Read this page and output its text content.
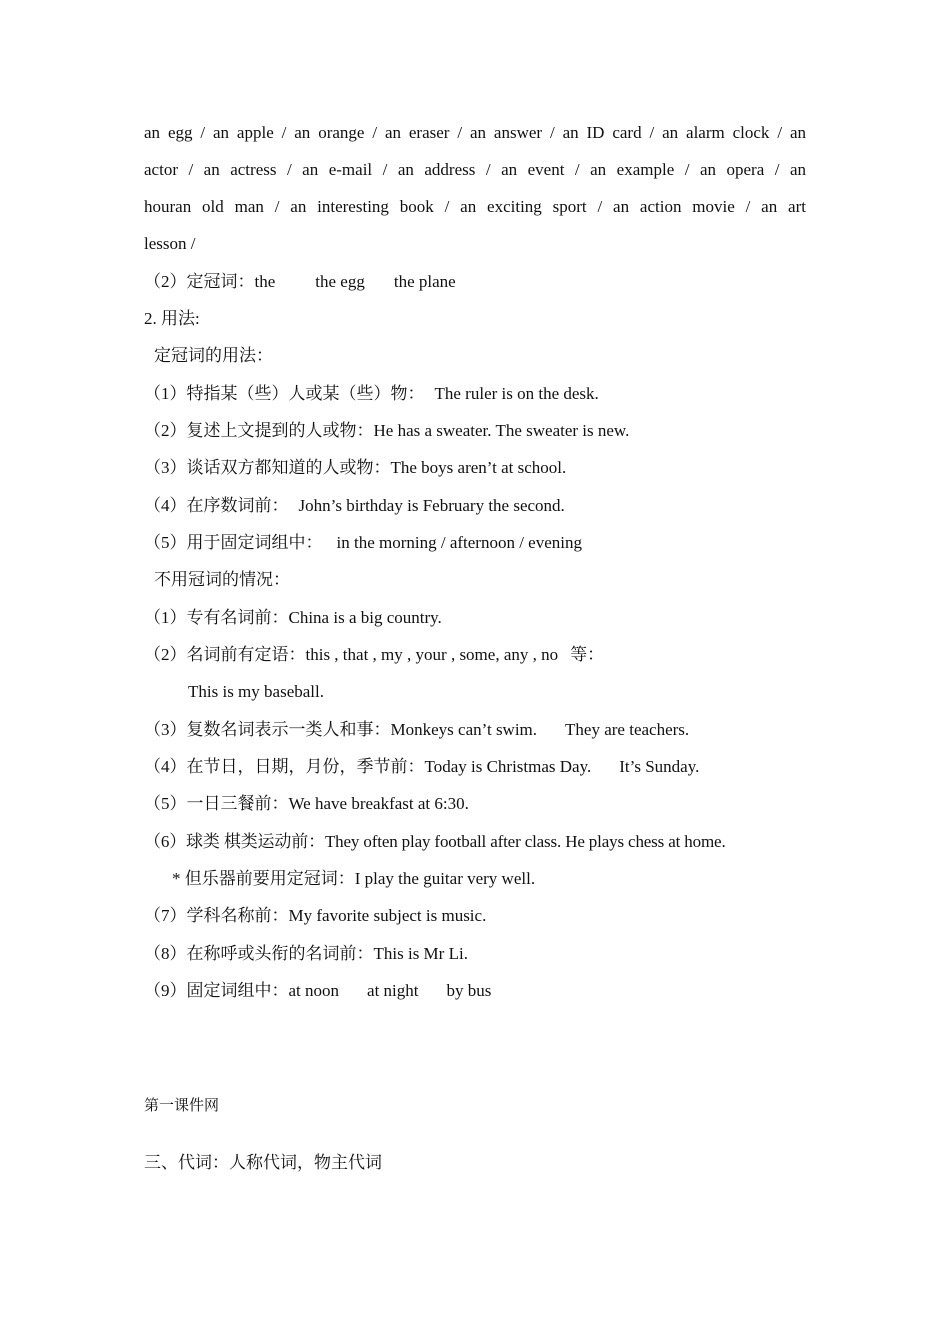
an egg / an apple / an orange / an eraser / an answer / an ID card / an alarm clock / an
actor / an actress / an e-mail / an address / an event / an example / an opera / an
houran old man / an interesting book / an exciting sport / an action movie / an art
lesson /
（2）定冠词：the the egg the plane
2. 用法:
定冠词的用法：
（1）特指某（些）人或某（些）物： The ruler is on the desk.
（2）复述上文提到的人或物：He has a sweater. The sweater is new.
（3）谈话双方都知道的人或物：The boys aren’t at school.
（4）在序数词前： John’s birthday is February the second.
（5）用于固定词组中： in the morning / afternoon / evening
不用冠词的情况：
（1）专有名词前：China is a big country.
（2）名词前有定语：this , that , my , your , some, any , no 等：
This is my baseball.
（3）复数名词表示一类人和事：Monkeys can’t swim. They are teachers.
（4）在节日，日期，月份，季节前：Today is Christmas Day. It’s Sunday.
（5）一日三餐前：We have breakfast at 6:30.
（6）球类 棋类运动前：They often play football after class. He plays chess at home.
* 但乐器前要用定冠词：I play the guitar very well.
（7）学科名称前：My favorite subject is music.
（8）在称呼或头衔的名词前：This is Mr Li.
（9）固定词组中：at noon at night by bus
第一课件网
三、代词：人称代词，物主代词
